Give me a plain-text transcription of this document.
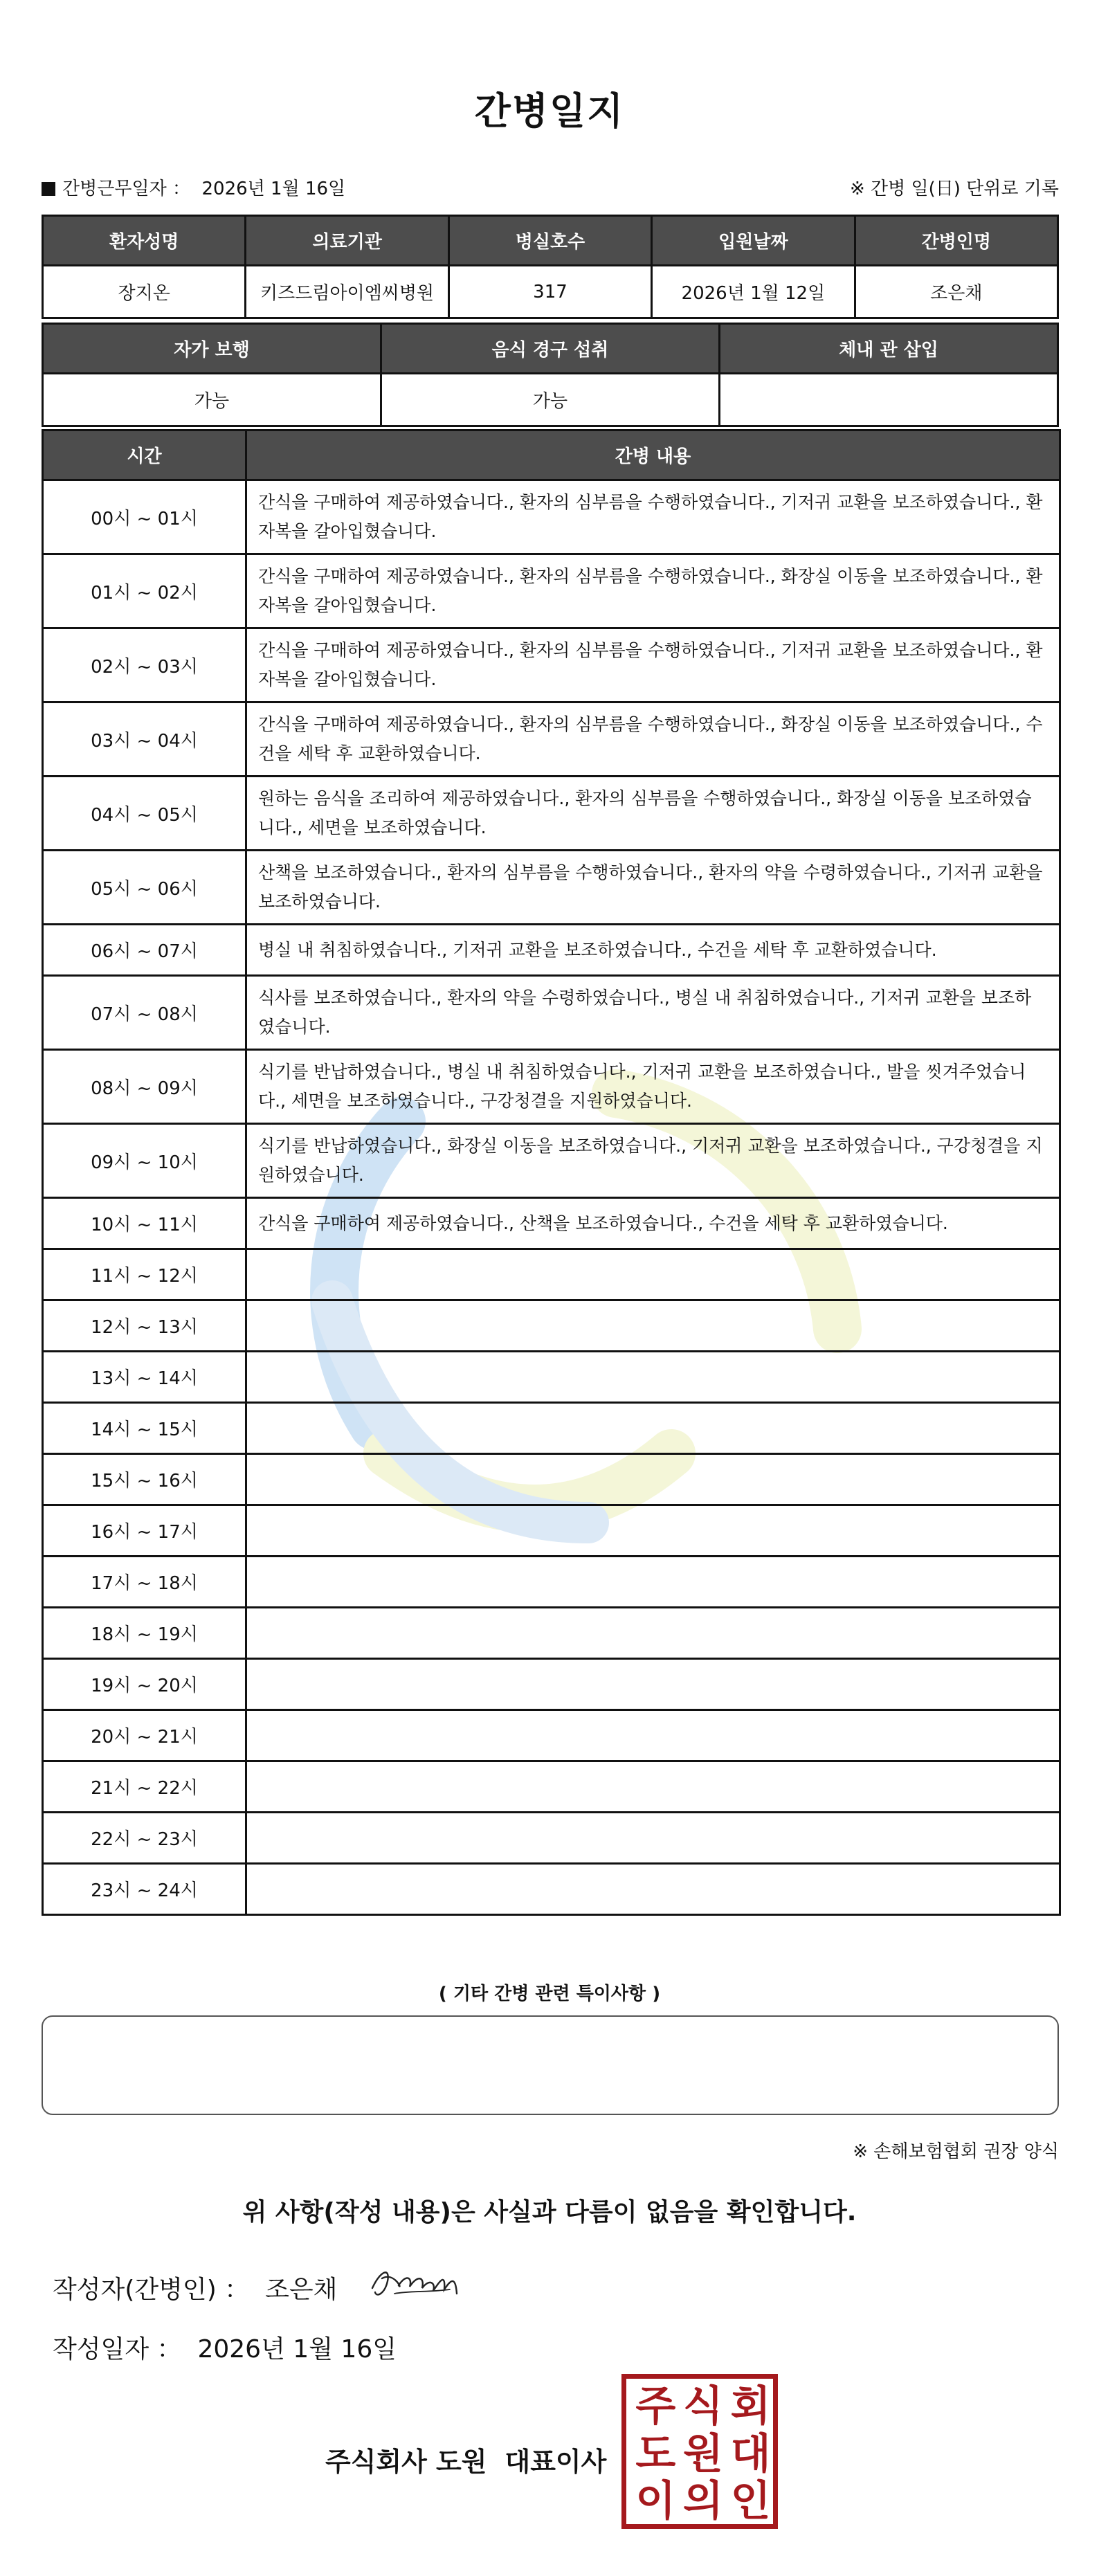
간병일지
간병근무일자 ： 2026년 1월 16일	※ 간병 일(日) 단위로 기록
환자성명	의료기관	병실호수	입원날짜	간병인명
장지온	키즈드림아이엠씨병원	317	2026년 1월 12일	조은채
자가 보행	음식 경구 섭취	체내 관 삽입
가능	가능	
시간	간병 내용
00시 ~ 01시	간식을 구매하여 제공하였습니다., 환자의 심부름을 수행하였습니다., 기저귀 교환을 보조하였습니다., 환자복을 갈아입혔습니다.
01시 ~ 02시	간식을 구매하여 제공하였습니다., 환자의 심부름을 수행하였습니다., 화장실 이동을 보조하였습니다., 환자복을 갈아입혔습니다.
02시 ~ 03시	간식을 구매하여 제공하였습니다., 환자의 심부름을 수행하였습니다., 기저귀 교환을 보조하였습니다., 환자복을 갈아입혔습니다.
03시 ~ 04시	간식을 구매하여 제공하였습니다., 환자의 심부름을 수행하였습니다., 화장실 이동을 보조하였습니다., 수건을 세탁 후 교환하였습니다.
04시 ~ 05시	원하는 음식을 조리하여 제공하였습니다., 환자의 심부름을 수행하였습니다., 화장실 이동을 보조하였습니다., 세면을 보조하였습니다.
05시 ~ 06시	산책을 보조하였습니다., 환자의 심부름을 수행하였습니다., 환자의 약을 수령하였습니다., 기저귀 교환을 보조하였습니다.
06시 ~ 07시	병실 내 취침하였습니다., 기저귀 교환을 보조하였습니다., 수건을 세탁 후 교환하였습니다.
07시 ~ 08시	식사를 보조하였습니다., 환자의 약을 수령하였습니다., 병실 내 취침하였습니다., 기저귀 교환을 보조하였습니다.
08시 ~ 09시	식기를 반납하였습니다., 병실 내 취침하였습니다., 기저귀 교환을 보조하였습니다., 발을 씻겨주었습니다., 세면을 보조하였습니다., 구강청결을 지원하였습니다.
09시 ~ 10시	식기를 반납하였습니다., 화장실 이동을 보조하였습니다., 기저귀 교환을 보조하였습니다., 구강청결을 지원하였습니다.
10시 ~ 11시	간식을 구매하여 제공하였습니다., 산책을 보조하였습니다., 수건을 세탁 후 교환하였습니다.
11시 ~ 12시	
12시 ~ 13시	
13시 ~ 14시	
14시 ~ 15시	
15시 ~ 16시	
16시 ~ 17시	
17시 ~ 18시	
18시 ~ 19시	
19시 ~ 20시	
20시 ~ 21시	
21시 ~ 22시	
22시 ~ 23시	
23시 ~ 24시	
( 기타 간병 관련 특이사항 )
※ 손해보험협회 권장 양식
위 사항(작성 내용)은 사실과 다름이 없음을 확인합니다.
작성자(간병인) ： 조은채
작성일자 ： 2026년 1월 16일
주식회사 도원 대표이사
주 식 회
도 원 대
이 의 인
